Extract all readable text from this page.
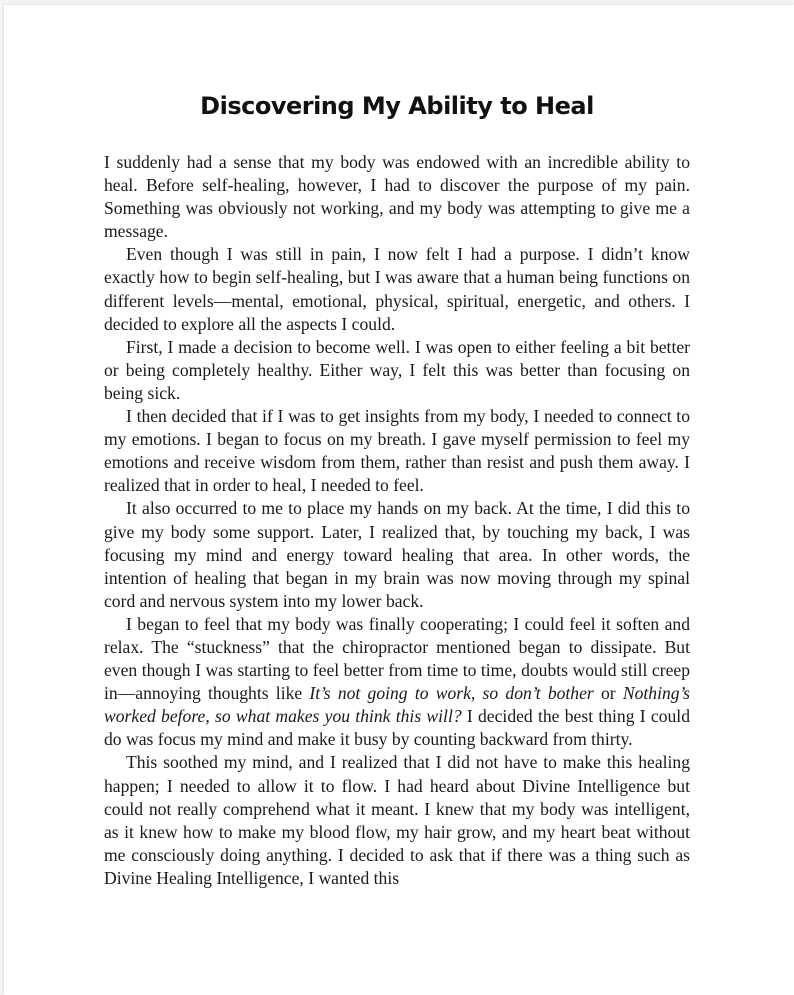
Discovering My Ability to Heal

I suddenly had a sense that my body was endowed with an incredible ability to heal. Before self-healing, however, I had to discover the purpose of my pain. Something was obviously not working, and my body was attempting to give me a message.

Even though I was still in pain, I now felt I had a purpose. I didn’t know exactly how to begin self-healing, but I was aware that a human being functions on different levels—mental, emotional, physical, spiritual, energetic, and others. I decided to explore all the aspects I could.

First, I made a decision to become well. I was open to either feeling a bit better or being completely healthy. Either way, I felt this was better than focusing on being sick.

I then decided that if I was to get insights from my body, I needed to connect to my emotions. I began to focus on my breath. I gave myself permission to feel my emotions and receive wisdom from them, rather than resist and push them away. I realized that in order to heal, I needed to feel.

It also occurred to me to place my hands on my back. At the time, I did this to give my body some support. Later, I realized that, by touching my back, I was focusing my mind and energy toward healing that area. In other words, the intention of healing that began in my brain was now moving through my spinal cord and nervous system into my lower back.

I began to feel that my body was finally cooperating; I could feel it soften and relax. The “stuckness” that the chiropractor mentioned began to dissipate. But even though I was starting to feel better from time to time, doubts would still creep in—annoying thoughts like It’s not going to work, so don’t bother or Nothing’s worked before, so what makes you think this will? I decided the best thing I could do was focus my mind and make it busy by counting backward from thirty.

This soothed my mind, and I realized that I did not have to make this healing happen; I needed to allow it to flow. I had heard about Divine Intelligence but could not really comprehend what it meant. I knew that my body was intelligent, as it knew how to make my blood flow, my hair grow, and my heart beat without me consciously doing anything. I decided to ask that if there was a thing such as Divine Healing Intelligence, I wanted this
